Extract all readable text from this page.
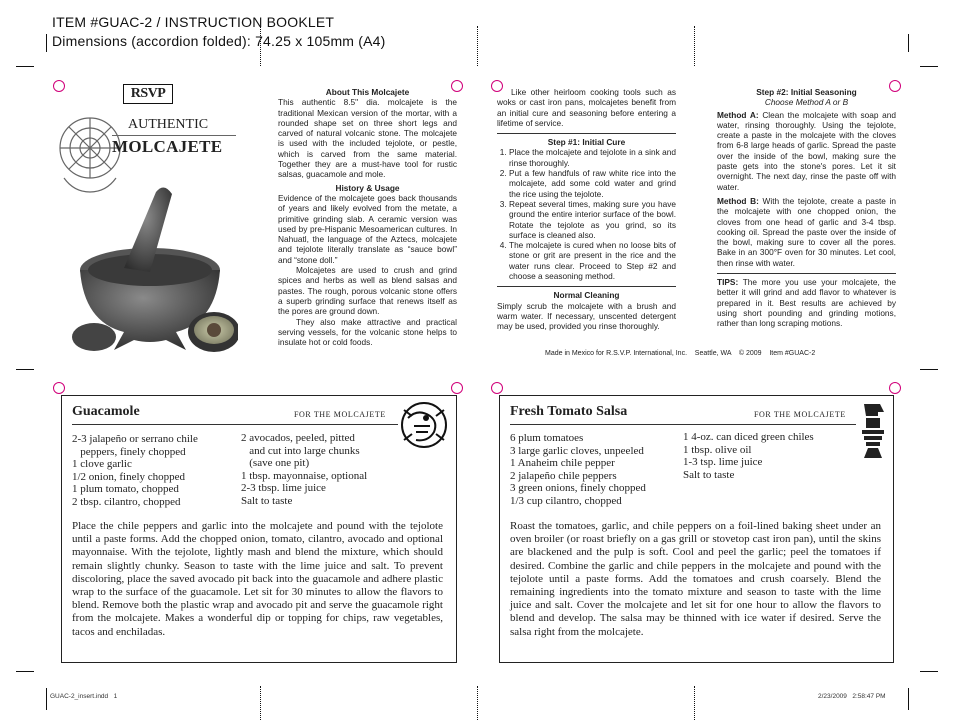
ITEM #GUAC-2 / INSTRUCTION BOOKLET
Dimensions (accordion folded): 74.25 x 105mm (A4)
RSVP
AUTHENTIC
MOLCAJETE
About This Molcajete
This authentic 8.5" dia. molcajete is the traditional Mexican version of the mortar, with a rounded shape set on three short legs and carved of natural volcanic stone. The molcajete is used with the included tejolote, or pestle, which is carved from the same material. Together they are a must-have tool for rustic salsas, guacamole and mole.
History & Usage
Evidence of the molcajete goes back thousands of years and likely evolved from the metate, a primitive grinding slab. A ceramic version was used by pre-Hispanic Mesoamerican cultures. In Nahuatl, the language of the Aztecs, molcajete and tejolote literally translate as “sauce bowl” and “stone doll.”
Molcajetes are used to crush and grind spices and herbs as well as blend salsas and pastes. The rough, porous volcanic stone offers a superb grinding surface that renews itself as the pores are ground down.
They also make attractive and practical serving vessels, for the volcanic stone helps to insulate hot or cold foods.
Like other heirloom cooking tools such as woks or cast iron pans, molcajetes benefit from an initial cure and seasoning before entering a lifetime of service.
Step #1: Initial Cure
1. Place the molcajete and tejolote in a sink and rinse thoroughly.
2. Put a few handfuls of raw white rice into the molcajete, add some cold water and grind the rice using the tejolote.
3. Repeat several times, making sure you have ground the entire interior surface of the bowl. Rotate the tejolote as you grind, so its surface is cleaned also.
4. The molcajete is cured when no loose bits of stone or grit are present in the rice and the water runs clear. Proceed to Step #2 and choose a seasoning method.
Normal Cleaning
Simply scrub the molcajete with a brush and warm water. If necessary, unscented detergent may be used, provided you rinse thoroughly.
Step #2: Initial Seasoning
Choose Method A or B
Method A: Clean the molcajete with soap and water, rinsing thoroughly. Using the tejolote, create a paste in the molcajete with the cloves from 6-8 large heads of garlic. Spread the paste over the inside of the bowl, making sure the paste gets into the stone's pores. Let it sit overnight. The next day, rinse the paste off with water.
Method B: With the tejolote, create a paste in the molcajete with one chopped onion, the cloves from one head of garlic and 3-4 tbsp. cooking oil. Spread the paste over the inside of the bowl, making sure to cover all the pores. Bake in an 300°F oven for 30 minutes. Let cool, then rinse with water.
TIPS: The more you use your molcajete, the better it will grind and add flavor to whatever is prepared in it. Best results are achieved by using short pounding and grinding motions, rather than long scraping motions.
Made in Mexico for R.S.V.P. International, Inc.    Seattle, WA    © 2009    Item #GUAC-2
Guacamole	FOR THE MOLCAJETE
2-3 jalapeño or serrano chile
peppers, finely chopped
1 clove garlic
1/2 onion, finely chopped
1 plum tomato, chopped
2 tbsp. cilantro, chopped
2 avocados, peeled, pitted
and cut into large chunks
(save one pit)
1 tbsp. mayonnaise, optional
2-3 tbsp. lime juice
Salt to taste
Place the chile peppers and garlic into the molcajete and pound with the tejolote until a paste forms. Add the chopped onion, tomato, cilantro, avocado and optional mayonnaise. With the tejolote, lightly mash and blend the mixture, which should remain slightly chunky. Season to taste with the lime juice and salt. To prevent discoloring, place the saved avocado pit back into the guacamole and adhere plastic wrap to the surface of the guacamole. Let sit for 30 minutes to allow the flavors to blend. Remove both the plastic wrap and avocado pit and serve the guacamole right from the molcajete. Makes a wonderful dip or topping for chips, raw vegetables, tacos and enchiladas.
Fresh Tomato Salsa	FOR THE MOLCAJETE
6 plum tomatoes
3 large garlic cloves, unpeeled
1 Anaheim chile pepper
2 jalapeño chile peppers
3 green onions, finely chopped
1/3 cup cilantro, chopped
1 4-oz. can diced green chiles
1 tbsp. olive oil
1-3 tsp. lime juice
Salt to taste
Roast the tomatoes, garlic, and chile peppers on a foil-lined baking sheet under an oven broiler (or roast briefly on a gas grill or stovetop cast iron pan), until the skins are blackened and the pulp is soft. Cool and peel the garlic; peel the tomatoes if desired. Combine the garlic and chile peppers in the molcajete and pound with the tejolote until a paste forms. Add the tomatoes and crush coarsely. Blend the remaining ingredients into the tomato mixture and season to taste with the lime juice and salt. Cover the molcajete and let sit for one hour to allow the flavors to blend and develop. The salsa may be thinned with ice water if desired. Serve the salsa right from the molcajete.
GUAC-2_insert.indd   1	2/23/2009   2:58:47 PM
